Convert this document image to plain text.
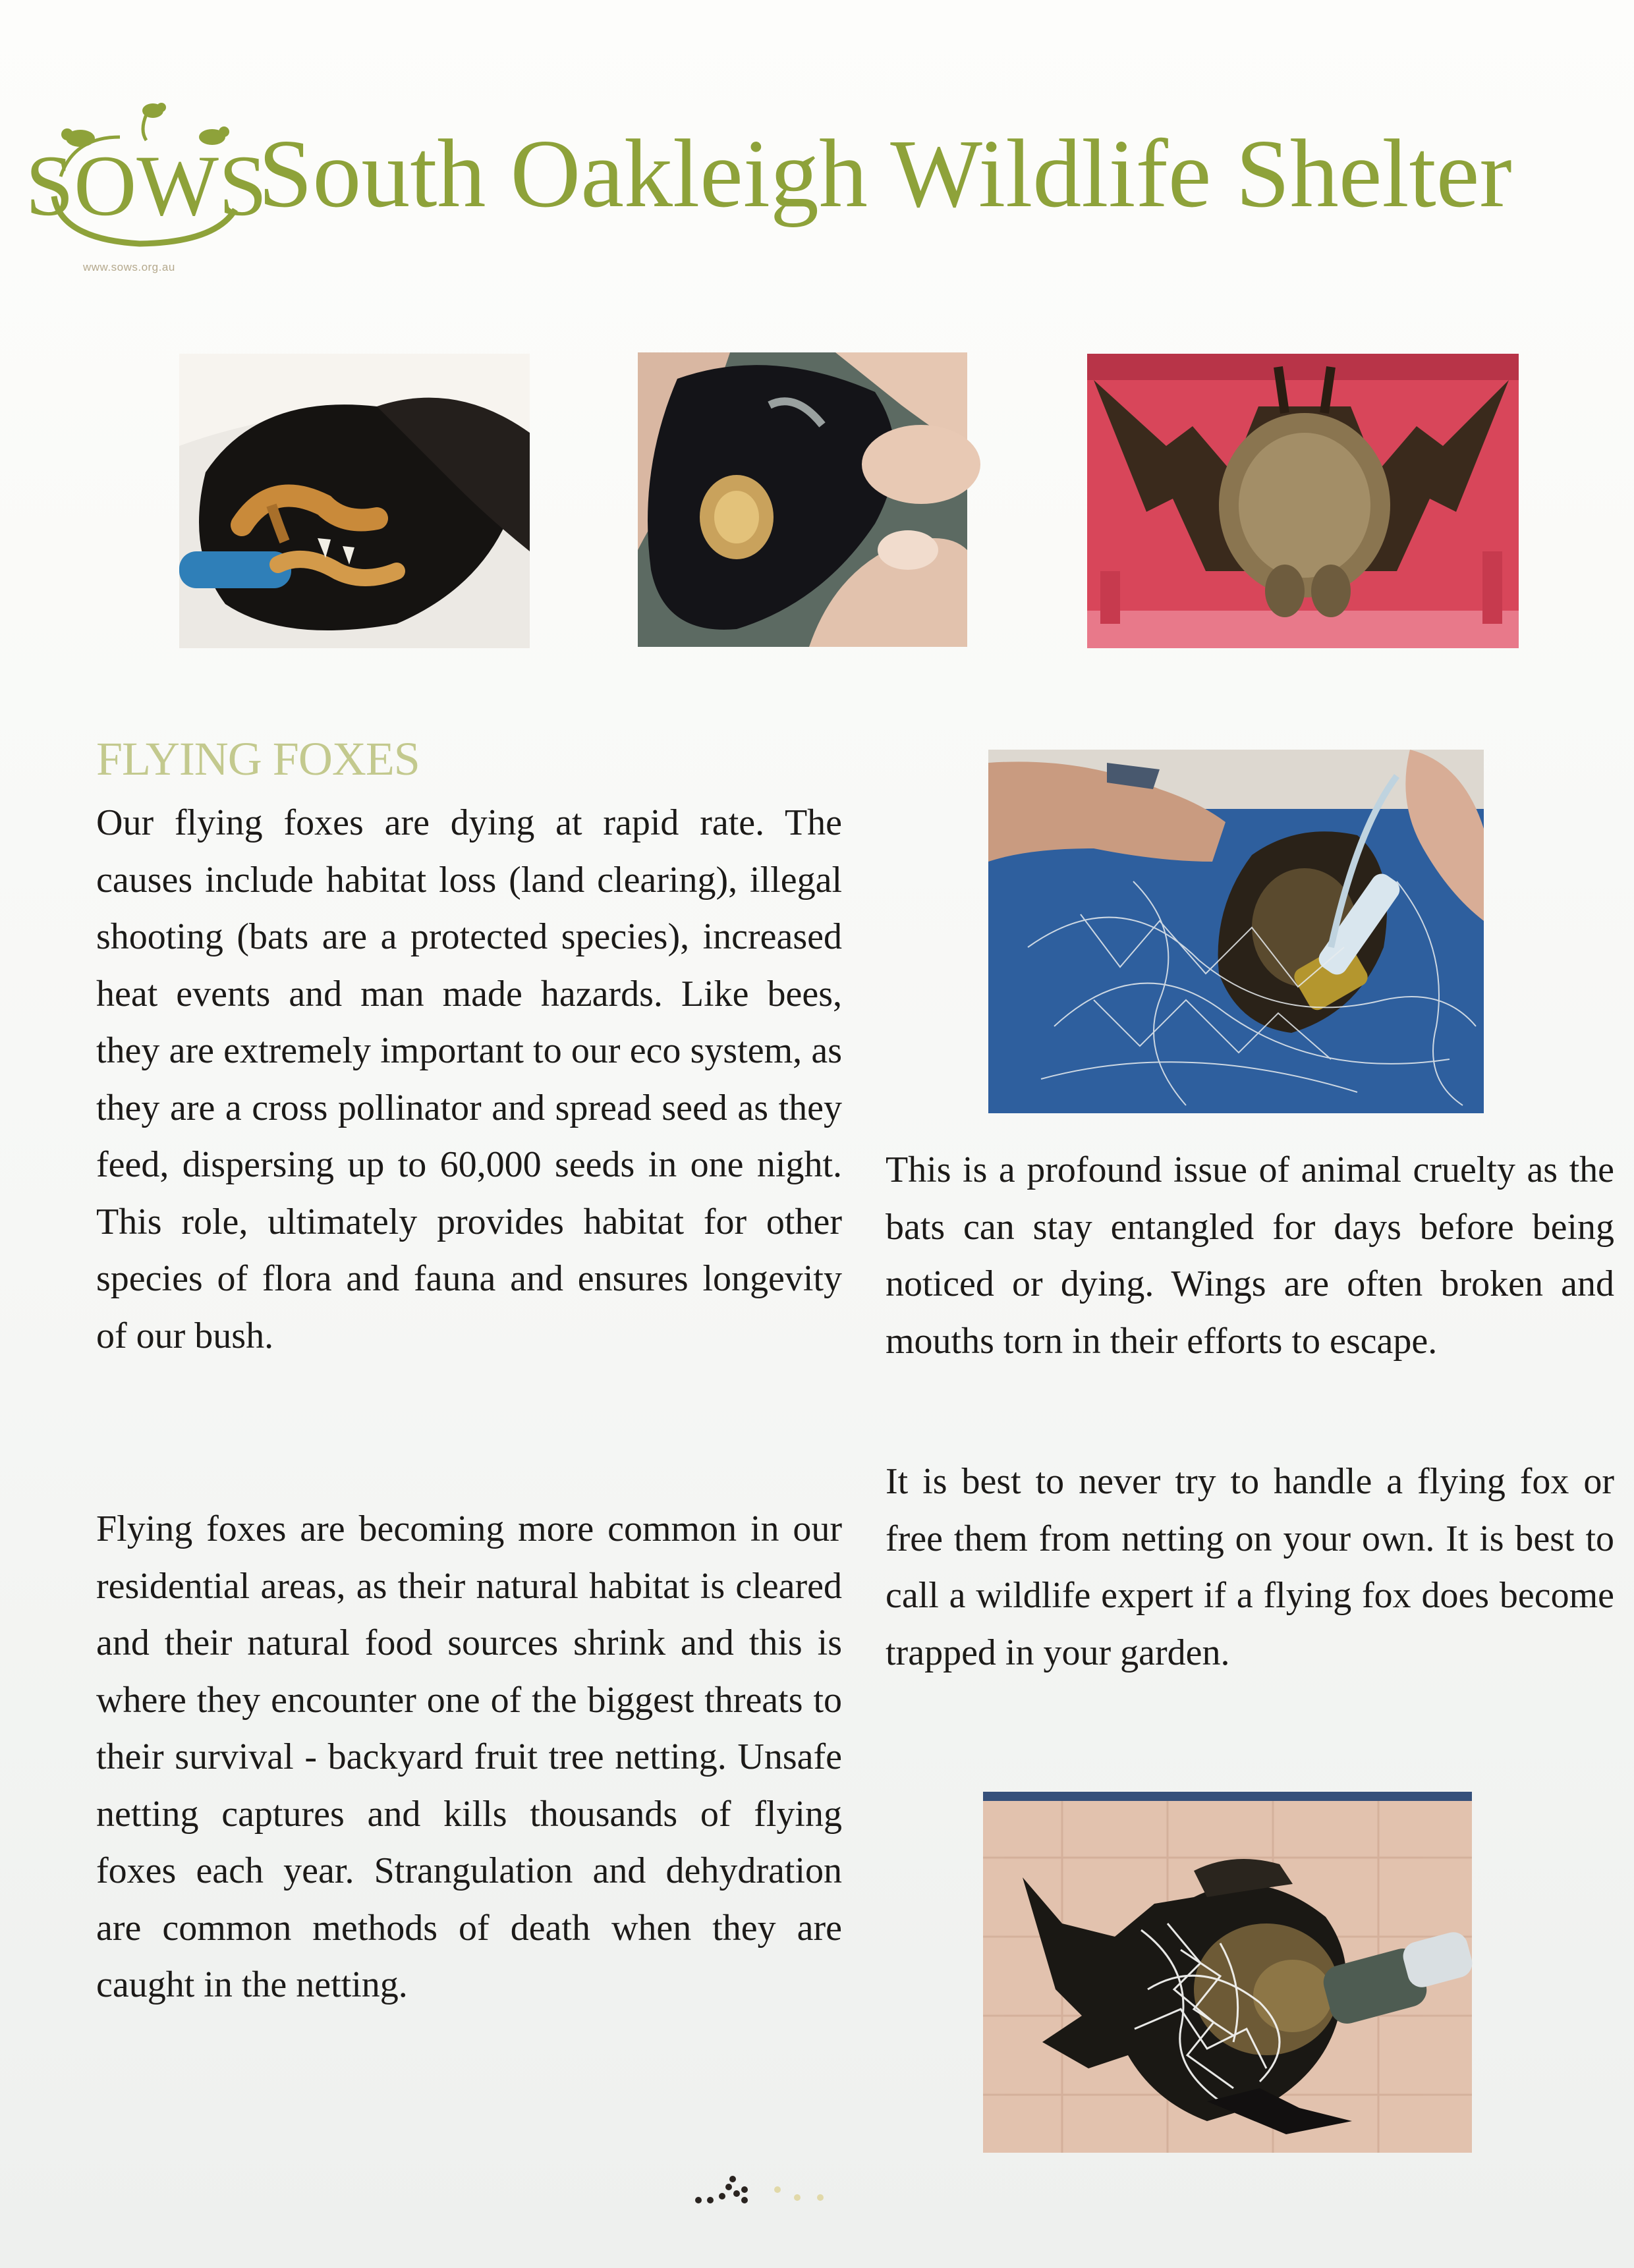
SOWS
www.sows.org.au
South Oakleigh Wildlife Shelter
FLYING FOXES

Our flying foxes are dying at rapid rate. The causes include habitat loss (land clearing), illegal shooting (bats are a protected species), increased heat events and man made hazards. Like bees, they are extremely important to our eco system, as they are a cross pollinator and spread seed as they feed, dispersing up to 60,000 seeds in one night. This role, ultimately provides habitat for other species of flora and fauna and ensures longevity of our bush.

Flying foxes are becoming more common in our residential areas, as their natural habitat is cleared and their natural food sources shrink and this is where they encounter one of the biggest threats to their survival - backyard fruit tree netting. Unsafe netting captures and kills thousands of flying foxes each year. Strangulation and dehydration are common methods of death when they are caught in the netting.

This is a profound issue of animal cruelty as the bats can stay entangled for days before being noticed or dying. Wings are often broken and mouths torn in their efforts to escape.

It is best to never try to handle a flying fox or free them from netting on your own. It is best to call a wildlife expert if a flying fox does become trapped in your garden.
